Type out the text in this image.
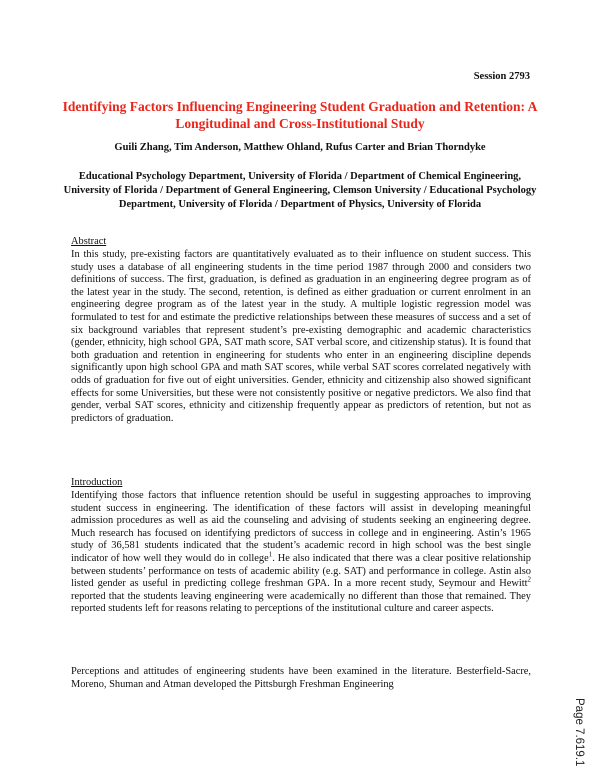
Session 2793
Identifying Factors Influencing Engineering Student Graduation and Retention: A Longitudinal and Cross-Institutional Study
Guili Zhang, Tim Anderson, Matthew Ohland, Rufus Carter and Brian Thorndyke
Educational Psychology Department, University of Florida / Department of Chemical Engineering, University of Florida / Department of General Engineering, Clemson University / Educational Psychology Department, University of Florida / Department of Physics, University of Florida
Abstract
In this study, pre-existing factors are quantitatively evaluated as to their influence on student success. This study uses a database of all engineering students in the time period 1987 through 2000 and considers two definitions of success. The first, graduation, is defined as graduation in an engineering degree program as of the latest year in the study. The second, retention, is defined as either graduation or current enrolment in an engineering degree program as of the latest year in the study. A multiple logistic regression model was formulated to test for and estimate the predictive relationships between these measures of success and a set of six background variables that represent student’s pre-existing demographic and academic characteristics (gender, ethnicity, high school GPA, SAT math score, SAT verbal score, and citizenship status). It is found that both graduation and retention in engineering for students who enter in an engineering discipline depends significantly upon high school GPA and math SAT scores, while verbal SAT scores correlated negatively with odds of graduation for five out of eight universities. Gender, ethnicity and citizenship also showed significant effects for some Universities, but these were not consistently positive or negative predictors. We also find that gender, verbal SAT scores, ethnicity and citizenship frequently appear as predictors of retention, but not as predictors of graduation.
Introduction
Identifying those factors that influence retention should be useful in suggesting approaches to improving student success in engineering. The identification of these factors will assist in developing meaningful admission procedures as well as aid the counseling and advising of students seeking an engineering degree. Much research has focused on identifying predictors of success in college and in engineering. Astin’s 1965 study of 36,581 students indicated that the student’s academic record in high school was the best single indicator of how well they would do in college$^1$. He also indicated that there was a clear positive relationship between students’ performance on tests of academic ability (e.g. SAT) and performance in college. Astin also listed gender as useful in predicting college freshman GPA. In a more recent study, Seymour and Hewitt$^2$ reported that the students leaving engineering were academically no different than those that remained. They reported students left for reasons relating to perceptions of the institutional culture and career aspects.
Perceptions and attitudes of engineering students have been examined in the literature. Besterfield-Sacre, Moreno, Shuman and Atman developed the Pittsburgh Freshman Engineering
Page 7.619.1
